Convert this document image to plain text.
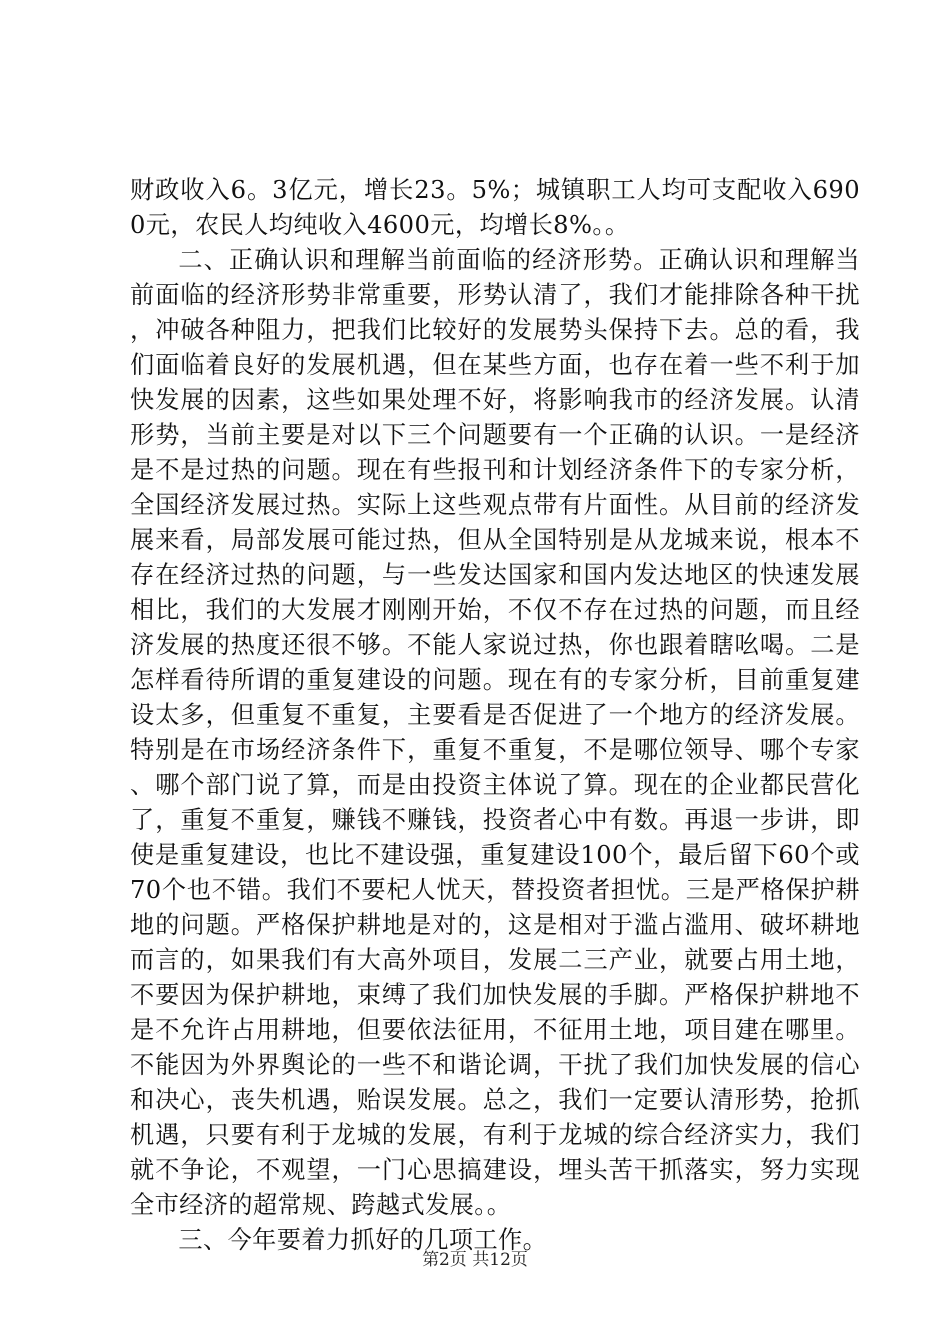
财政收入6。3亿元，增长23。5%；城镇职工人均可支配收入6900元，农民人均纯收入4600元，均增长8%。。

二、正确认识和理解当前面临的经济形势。正确认识和理解当前面临的经济形势非常重要，形势认清了，我们才能排除各种干扰，冲破各种阻力，把我们比较好的发展势头保持下去。总的看，我们面临着良好的发展机遇，但在某些方面，也存在着一些不利于加快发展的因素，这些如果处理不好，将影响我市的经济发展。认清形势，当前主要是对以下三个问题要有一个正确的认识。一是经济是不是过热的问题。现在有些报刊和计划经济条件下的专家分析，全国经济发展过热。实际上这些观点带有片面性。从目前的经济发展来看，局部发展可能过热，但从全国特别是从龙城来说，根本不存在经济过热的问题，与一些发达国家和国内发达地区的快速发展相比，我们的大发展才刚刚开始，不仅不存在过热的问题，而且经济发展的热度还很不够。不能人家说过热，你也跟着瞎吆喝。二是怎样看待所谓的重复建设的问题。现在有的专家分析，目前重复建设太多，但重复不重复，主要看是否促进了一个地方的经济发展。特别是在市场经济条件下，重复不重复，不是哪位领导、哪个专家、哪个部门说了算，而是由投资主体说了算。现在的企业都民营化了，重复不重复，赚钱不赚钱，投资者心中有数。再退一步讲，即使是重复建设，也比不建设强，重复建设100个，最后留下60个或70个也不错。我们不要杞人忧天，替投资者担忧。三是严格保护耕地的问题。严格保护耕地是对的，这是相对于滥占滥用、破坏耕地而言的，如果我们有大高外项目，发展二三产业，就要占用土地，不要因为保护耕地，束缚了我们加快发展的手脚。严格保护耕地不是不允许占用耕地，但要依法征用，不征用土地，项目建在哪里。不能因为外界舆论的一些不和谐论调，干扰了我们加快发展的信心和决心，丧失机遇，贻误发展。总之，我们一定要认清形势，抢抓机遇，只要有利于龙城的发展，有利于龙城的综合经济实力，我们就不争论，不观望，一门心思搞建设，埋头苦干抓落实，努力实现全市经济的超常规、跨越式发展。。

三、今年要着力抓好的几项工作。

第2页 共12页
